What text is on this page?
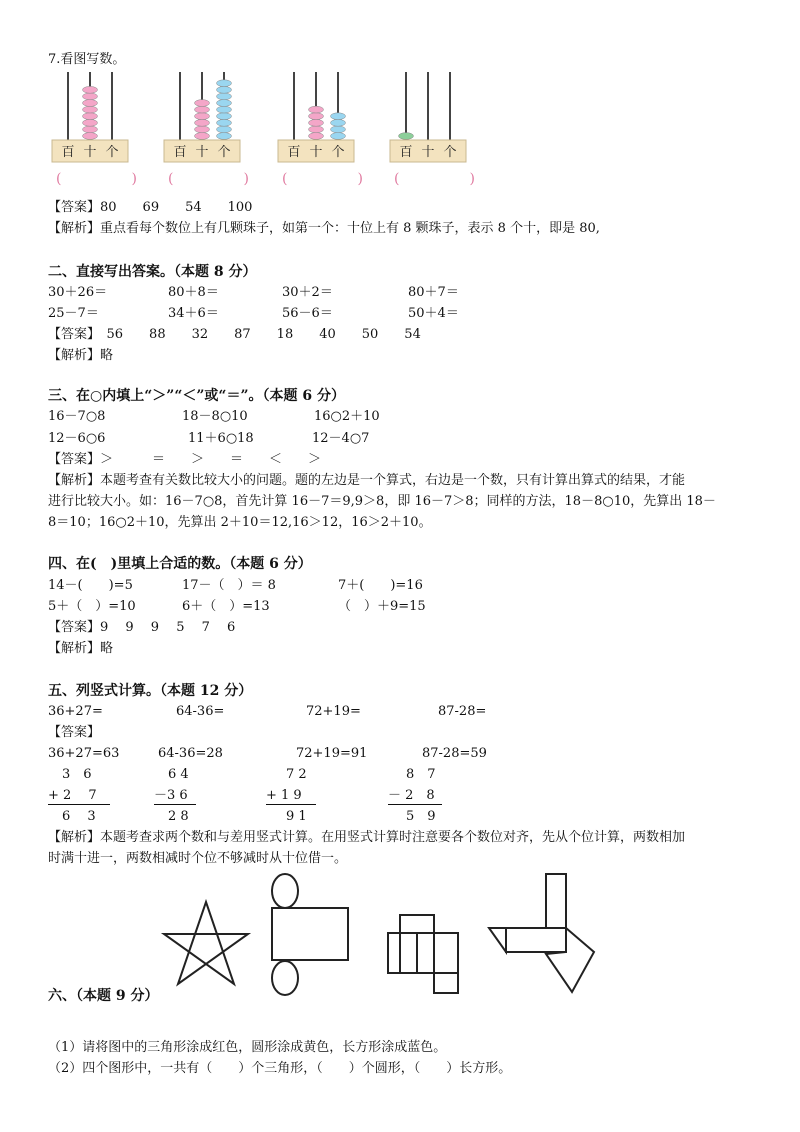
7.看图写数。
百 十 个	百 十 个	百 十 个	百 十 个
(　　　　　) (　　　　　) (　　　　　) (　　　　　)
【答案】80　　69　　54　　100
【解析】重点看每个数位上有几颗珠子，如第一个：十位上有 8 颗珠子，表示 8 个十，即是 80,
二、直接写出答案。（本题 8 分）
30＋26＝	80＋8＝	30＋2＝	80＋7＝
25－7＝	34＋6＝	56－6＝	50＋4＝
【答案】　56　　88　　32　　87　　18　　40　　50　　54
【解析】略
三、在○内填上“＞”“＜”或“＝”。（本题 6 分）
16－7○8	18－8○10	16○2＋10
12－6○6	11＋6○18	12－4○7
【答案】＞　　　＝　　＞　　＝　　＜　　＞
【解析】本题考查有关数比较大小的问题。题的左边是一个算式，右边是一个数，只有计算出算式的结果，才能
进行比较大小。如：16－7○8，首先计算 16－7＝9,9＞8，即 16－7＞8；同样的方法，18－8○10，先算出 18－
8＝10；16○2＋10，先算出 2＋10＝12,16＞12，16＞2＋10。
四、在(　)里填上合适的数。（本题 6 分）
14－(　　)=5	17－（　）＝ 8	7＋(　　)=16
5＋（　）=10	6＋（　）=13	（　）＋9=15
【答案】9　 9　 9　 5　 7　 6
【解析】略
五、列竖式计算。（本题 12 分）
36+27=	64-36=	72+19=	87-28=
【答案】
36+27=63	64-36=28	72+19=91	87-28=59
3　6
+ 2　 7
6　 3
6 4
－3 6
2 8
7 2
+ 1 9
9 1
8　7
－ 2　8
5　9
【解析】本题考查求两个数和与差用竖式计算。在用竖式计算时注意要各个数位对齐，先从个位计算，两数相加
时满十进一，两数相减时个位不够减时从十位借一。
六、（本题 9 分）
（1）请将图中的三角形涂成红色，圆形涂成黄色，长方形涂成蓝色。
（2）四个图形中，一共有（　　）个三角形，（　　）个圆形，（　　）长方形。
